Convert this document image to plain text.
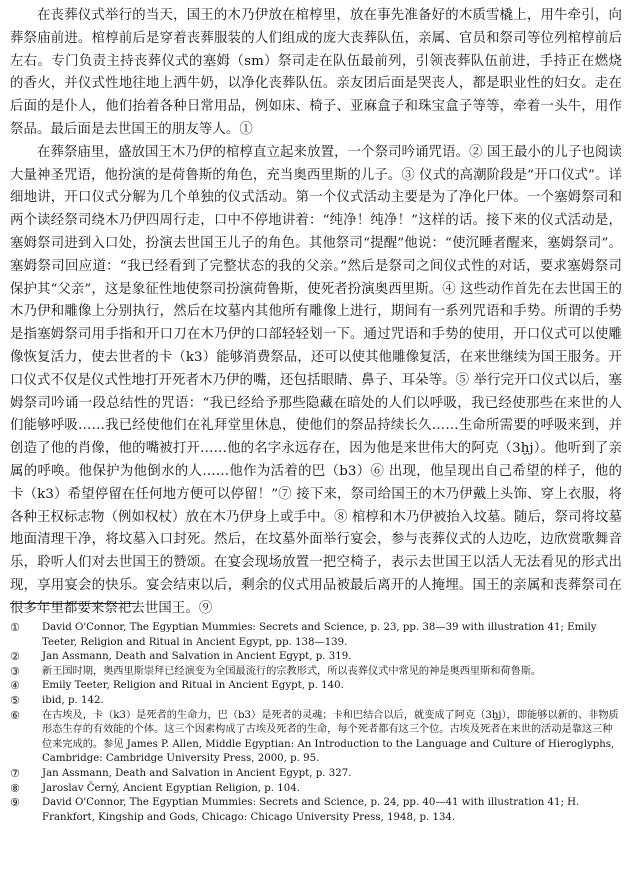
在丧葬仪式举行的当天，国王的木乃伊放在棺椁里，放在事先准备好的木质雪橇上，用牛牵引，向葬祭庙前进。棺椁前后是穿着丧葬服装的人们组成的庞大丧葬队伍，亲属、官员和祭司等位列棺椁前后左右。专门负责主持丧葬仪式的塞姆（sm）祭司走在队伍最前列，引领丧葬队伍前进，手持正在燃烧的香火，并仪式性地往地上洒牛奶，以净化丧葬队伍。亲友团后面是哭丧人，都是职业性的妇女。走在后面的是仆人，他们抬着各种日常用品，例如床、椅子、亚麻盒子和珠宝盒子等等，牵着一头牛，用作祭品。最后面是去世国王的朋友等人。①

在葬祭庙里，盛放国王木乃伊的棺椁直立起来放置，一个祭司吟诵咒语。② 国王最小的儿子也阅读大量神圣咒语，他扮演的是荷鲁斯的角色，充当奥西里斯的儿子。③ 仪式的高潮阶段是“开口仪式”。详细地讲，开口仪式分解为几个单独的仪式活动。第一个仪式活动主要是为了净化尸体。一个塞姆祭司和两个读经祭司绕木乃伊四周行走，口中不停地讲着：“纯净！纯净！”这样的话。接下来的仪式活动是，塞姆祭司进到入口处，扮演去世国王儿子的角色。其他祭司“提醒”他说：“使沉睡者醒来，塞姆祭司”。塞姆祭司回应道：“我已经看到了完整状态的我的父亲。”然后是祭司之间仪式性的对话，要求塞姆祭司保护其“父亲”，这是象征性地使祭司扮演荷鲁斯，使死者扮演奥西里斯。④ 这些动作首先在去世国王的木乃伊和雕像上分别执行，然后在坟墓内其他所有雕像上进行，期间有一系列咒语和手势。所谓的手势是指塞姆祭司用手指和开口刀在木乃伊的口部轻轻划一下。通过咒语和手势的使用，开口仪式可以使雕像恢复活力，使去世者的卡（k3）能够消费祭品，还可以使其他雕像复活，在来世继续为国王服务。开口仪式不仅是仪式性地打开死者木乃伊的嘴，还包括眼睛、鼻子、耳朵等。⑤ 举行完开口仪式以后，塞姆祭司吟诵一段总结性的咒语：“我已经给予那些隐藏在暗处的人们以呼吸，我已经使那些在来世的人们能够呼吸……我已经使他们在礼拜堂里休息，使他们的祭品持续长久……生命所需要的呼吸来到，并创造了他的肖像，他的嘴被打开……他的名字永远存在，因为他是来世伟大的阿克（3ḫj）。他听到了亲属的呼唤。他保护为他倒水的人……他作为活着的巴（b3）⑥ 出现，他呈现出自己希望的样子，他的卡（k3）希望停留在任何地方便可以停留！”⑦ 接下来，祭司给国王的木乃伊戴上头饰、穿上衣服，将各种王权标志物（例如权杖）放在木乃伊身上或手中。⑧ 棺椁和木乃伊被抬入坟墓。随后，祭司将坟墓地面清理干净，将坟墓入口封死。然后，在坟墓外面举行宴会，参与丧葬仪式的人边吃，边欣赏歌舞音乐，聆听人们对去世国王的赞颂。在宴会现场放置一把空椅子，表示去世国王以活人无法看见的形式出现，享用宴会的快乐。宴会结束以后，剩余的仪式用品被最后离开的人掩埋。国王的亲属和丧葬祭司在很多年里都要来祭祀去世国王。⑨

① David O'Connor, The Egyptian Mummies: Secrets and Science, p. 23, pp. 38—39 with illustration 41; Emily Teeter, Religion and Ritual in Ancient Egypt, pp. 138—139.
② Jan Assmann, Death and Salvation in Ancient Egypt, p. 319.
③ 新王国时期，奥西里斯崇拜已经演变为全国最流行的宗教形式，所以丧葬仪式中常见的神是奥西里斯和荷鲁斯。
④ Emily Teeter, Religion and Ritual in Ancient Egypt, p. 140.
⑤ ibid, p. 142.
⑥ 在古埃及，卡（k3）是死者的生命力，巴（b3）是死者的灵魂；卡和巴结合以后，就变成了阿克（3ḫj），即能够以新的、非物质形态生存的有效能的个体。这三个因素构成了古埃及死者的生命，每个死者都有这三个位。古埃及死者在来世的活动是靠这三种位来完成的。参见 James P. Allen, Middle Egyptian: An Introduction to the Language and Culture of Hieroglyphs, Cambridge: Cambridge University Press, 2000, p. 95.
⑦ Jan Assmann, Death and Salvation in Ancient Egypt, p. 327.
⑧ Jaroslav Černý, Ancient Egyptian Religion, p. 104.
⑨ David O'Connor, The Egyptian Mummies: Secrets and Science, p. 24, pp. 40—41 with illustration 41; H. Frankfort, Kingship and Gods, Chicago: Chicago University Press, 1948, p. 134.
